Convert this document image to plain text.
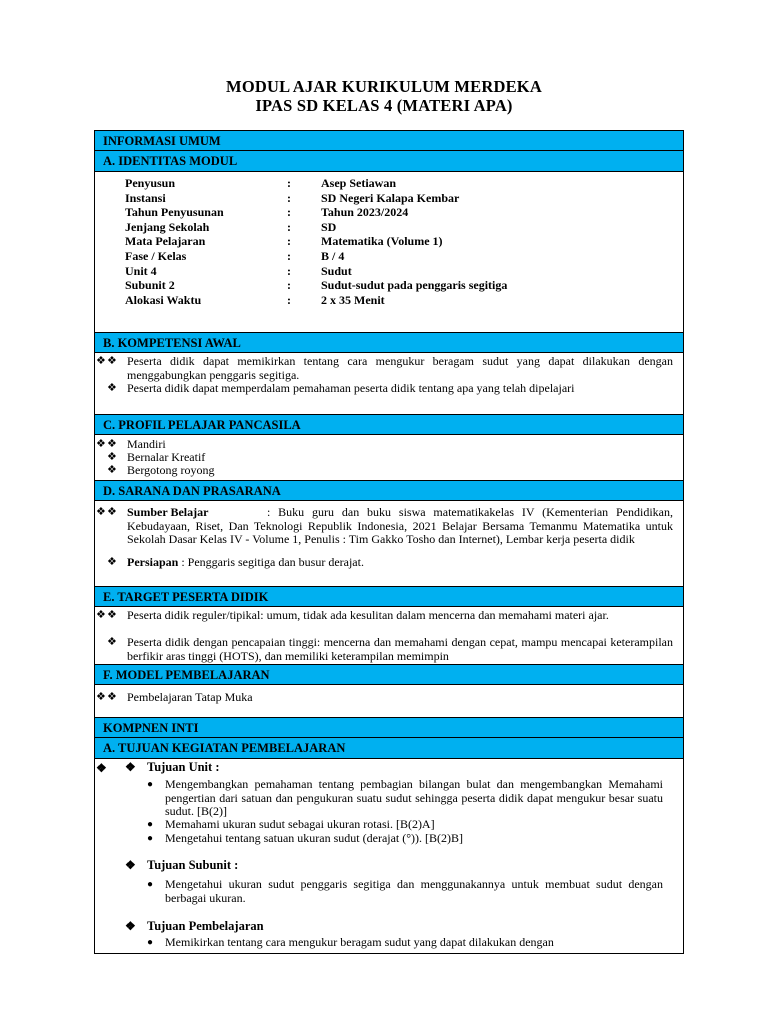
MODUL AJAR KURIKULUM MERDEKA
IPAS SD KELAS 4 (MATERI APA)
INFORMASI UMUM
A. IDENTITAS MODUL
Penyusun	:	Asep Setiawan
Instansi	:	SD Negeri Kalapa Kembar
Tahun Penyusunan	:	Tahun 2023/2024
Jenjang Sekolah	:	SD
Mata Pelajaran	:	Matematika (Volume 1)
Fase / Kelas	:	B / 4
Unit 4	:	Sudut
Subunit 2	:	Sudut-sudut pada penggaris segitiga
Alokasi Waktu	:	2 x 35 Menit
B. KOMPETENSI AWAL
❖ ❖ Peserta didik dapat memikirkan tentang cara mengukur beragam sudut yang dapat dilakukan dengan menggabungkan penggaris segitiga.
❖ Peserta didik dapat memperdalam pemahaman peserta didik tentang apa yang telah dipelajari
C. PROFIL PELAJAR PANCASILA
❖ ❖ Mandiri
❖ Bernalar Kreatif
❖ Bergotong royong
D. SARANA DAN PRASARANA
❖ ❖ Sumber Belajar	: Buku guru dan buku siswa matematikakelas IV (Kementerian Pendidikan, Kebudayaan, Riset, Dan Teknologi Republik Indonesia, 2021 Belajar Bersama Temanmu Matematika untuk Sekolah Dasar Kelas IV - Volume 1, Penulis : Tim Gakko Tosho dan Internet), Lembar kerja peserta didik
❖ Persiapan : Penggaris segitiga dan busur derajat.
E. TARGET PESERTA DIDIK
❖ ❖ Peserta didik reguler/tipikal: umum, tidak ada kesulitan dalam mencerna dan memahami materi ajar.
❖ Peserta didik dengan pencapaian tinggi: mencerna dan memahami dengan cepat, mampu mencapai keterampilan berfikir aras tinggi (HOTS), dan memiliki keterampilan memimpin
F. MODEL PEMBELAJARAN
❖ ❖ Pembelajaran Tatap Muka
KOMPNEN INTI
A. TUJUAN KEGIATAN PEMBELAJARAN
❖ ❖ Tujuan Unit :
● Mengembangkan pemahaman tentang pembagian bilangan bulat dan mengembangkan Memahami pengertian dari satuan dan pengukuran suatu sudut sehingga peserta didik dapat mengukur besar suatu sudut. [B(2)]
● Memahami ukuran sudut sebagai ukuran rotasi. [B(2)A]
● Mengetahui tentang satuan ukuran sudut (derajat (°)). [B(2)B]
❖ Tujuan Subunit :
● Mengetahui ukuran sudut penggaris segitiga dan menggunakannya untuk membuat sudut dengan berbagai ukuran.
❖ Tujuan Pembelajaran
● Memikirkan tentang cara mengukur beragam sudut yang dapat dilakukan dengan
